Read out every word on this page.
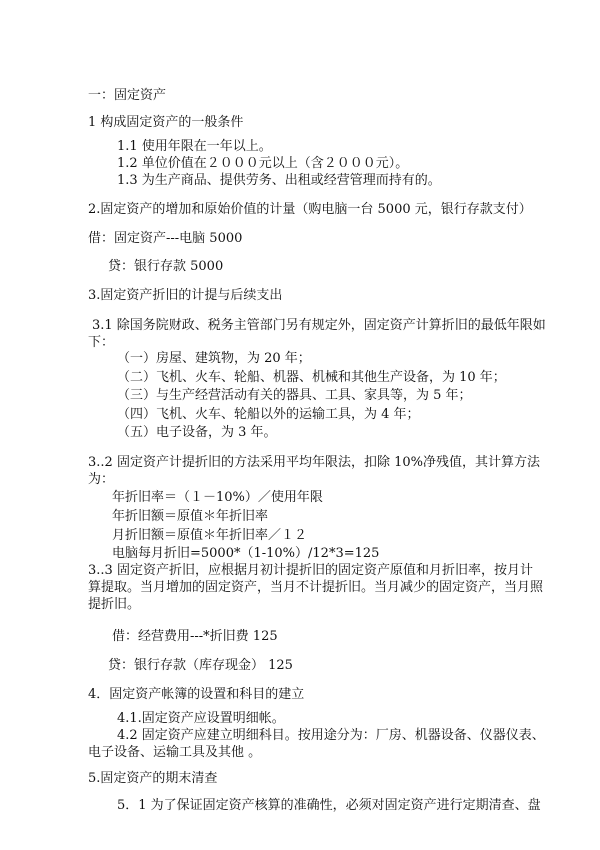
一：固定资产
1 构成固定资产的一般条件
1.1 使用年限在一年以上。
1.2 单位价值在２０００元以上（含２０００元）。
1.3 为生产商品、提供劳务、出租或经营管理而持有的。
2.固定资产的增加和原始价值的计量（购电脑一台 5000 元，银行存款支付）
借：固定资产---电脑 5000
贷：银行存款 5000
3.固定资产折旧的计提与后续支出
3.1 除国务院财政、税务主管部门另有规定外，固定资产计算折旧的最低年限如
下：
（一）房屋、建筑物，为 20 年；
（二）飞机、火车、轮船、机器、机械和其他生产设备，为 10 年；
（三）与生产经营活动有关的器具、工具、家具等，为 5 年；
（四）飞机、火车、轮船以外的运输工具，为 4 年；
（五）电子设备，为 3 年。
3..2 固定资产计提折旧的方法采用平均年限法，扣除 10%净残值，其计算方法
为：
年折旧率＝（１－10%）／使用年限
年折旧额＝原值＊年折旧率
月折旧额＝原值＊年折旧率／１２
电脑每月折旧=5000*（1-10%）/12*3=125
3..3 固定资产折旧，应根据月初计提折旧的固定资产原值和月折旧率，按月计
算提取。当月增加的固定资产，当月不计提折旧。当月减少的固定资产，当月照
提折旧。
借：经营费用---*折旧费 125
贷：银行存款（库存现金） 125
4．固定资产帐簿的设置和科目的建立
4.1.固定资产应设置明细帐。
4.2 固定资产应建立明细科目。按用途分为：厂房、机器设备、仪器仪表、
电子设备、运输工具及其他 。
5.固定资产的期末清查
5．1 为了保证固定资产核算的准确性，必须对固定资产进行定期清查、盘
